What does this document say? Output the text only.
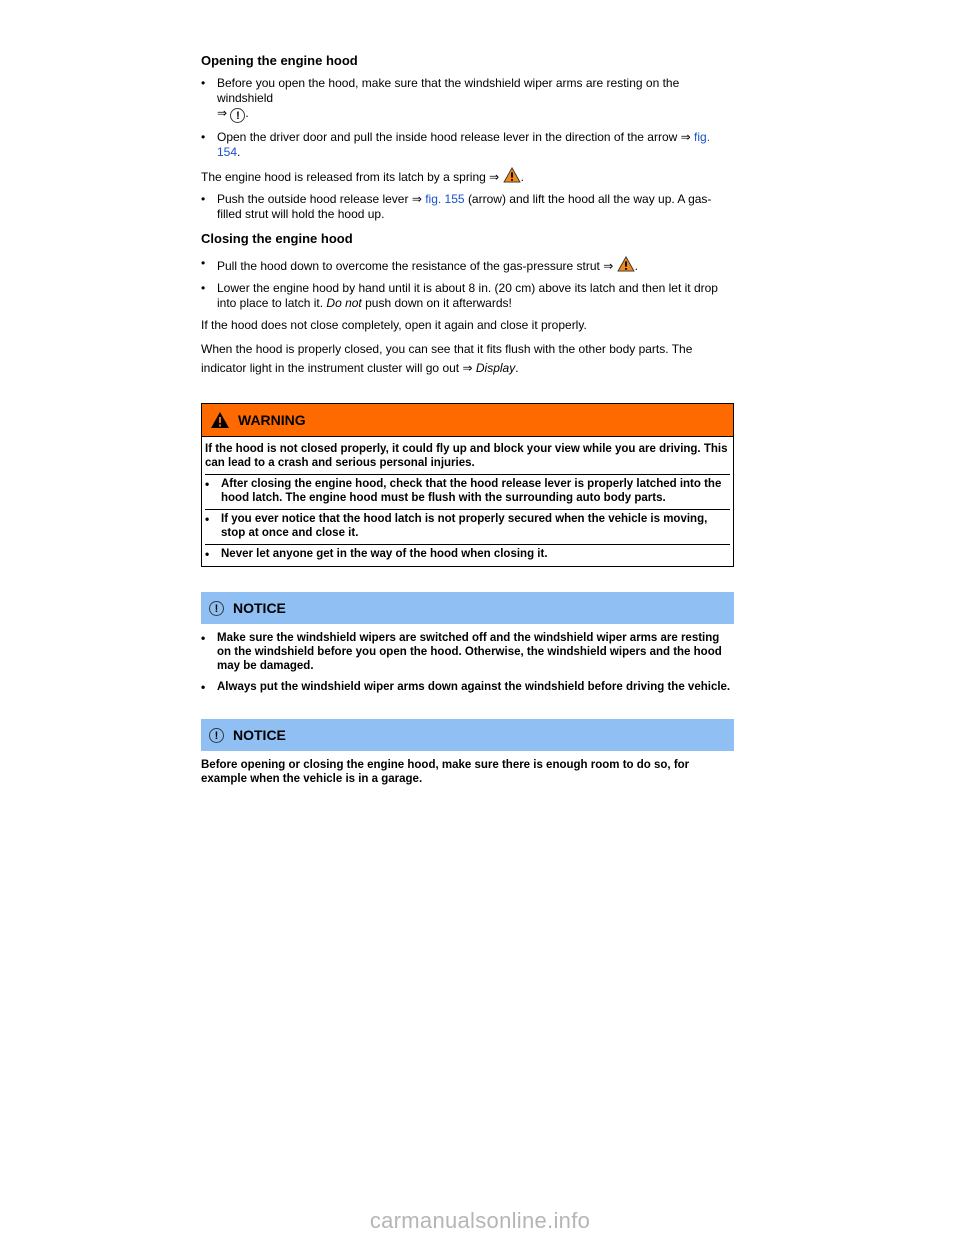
Opening the engine hood
• Before you open the hood, make sure that the windshield wiper arms are resting on the windshield
⇒ ! .

• Open the driver door and pull the inside hood release lever in the direction of the arrow ⇒ fig. 154.

The engine hood is released from its latch by a spring ⇒ .

• Push the outside hood release lever ⇒ fig. 155 (arrow) and lift the hood all the way up. A gas-filled strut will hold the hood up.

Closing the engine hood
• Pull the hood down to overcome the resistance of the gas-pressure strut ⇒ .

• Lower the engine hood by hand until it is about 8 in. (20 cm) above its latch and then let it drop into place to latch it. Do not push down on it afterwards!

If the hood does not close completely, open it again and close it properly.

When the hood is properly closed, you can see that it fits flush with the other body parts. The indicator light in the instrument cluster will go out ⇒ Display.

WARNING

If the hood is not closed properly, it could fly up and block your view while you are driving. This can lead to a crash and serious personal injuries.

•	After closing the engine hood, check that the hood release lever is properly latched into the hood latch. The engine hood must be flush with the surrounding auto body parts.

•	If you ever notice that the hood latch is not properly secured when the vehicle is moving, stop at once and close it.

•	Never let anyone get in the way of the hood when closing it.

!	NOTICE
•	Make sure the windshield wipers are switched off and the windshield wiper arms are resting on the windshield before you open the hood. Otherwise, the windshield wipers and the hood may be damaged.

•	Always put the windshield wiper arms down against the windshield before driving the vehicle.

!	NOTICE

Before opening or closing the engine hood, make sure there is enough room to do so, for example when the vehicle is in a garage.

carmanualsonline.info
